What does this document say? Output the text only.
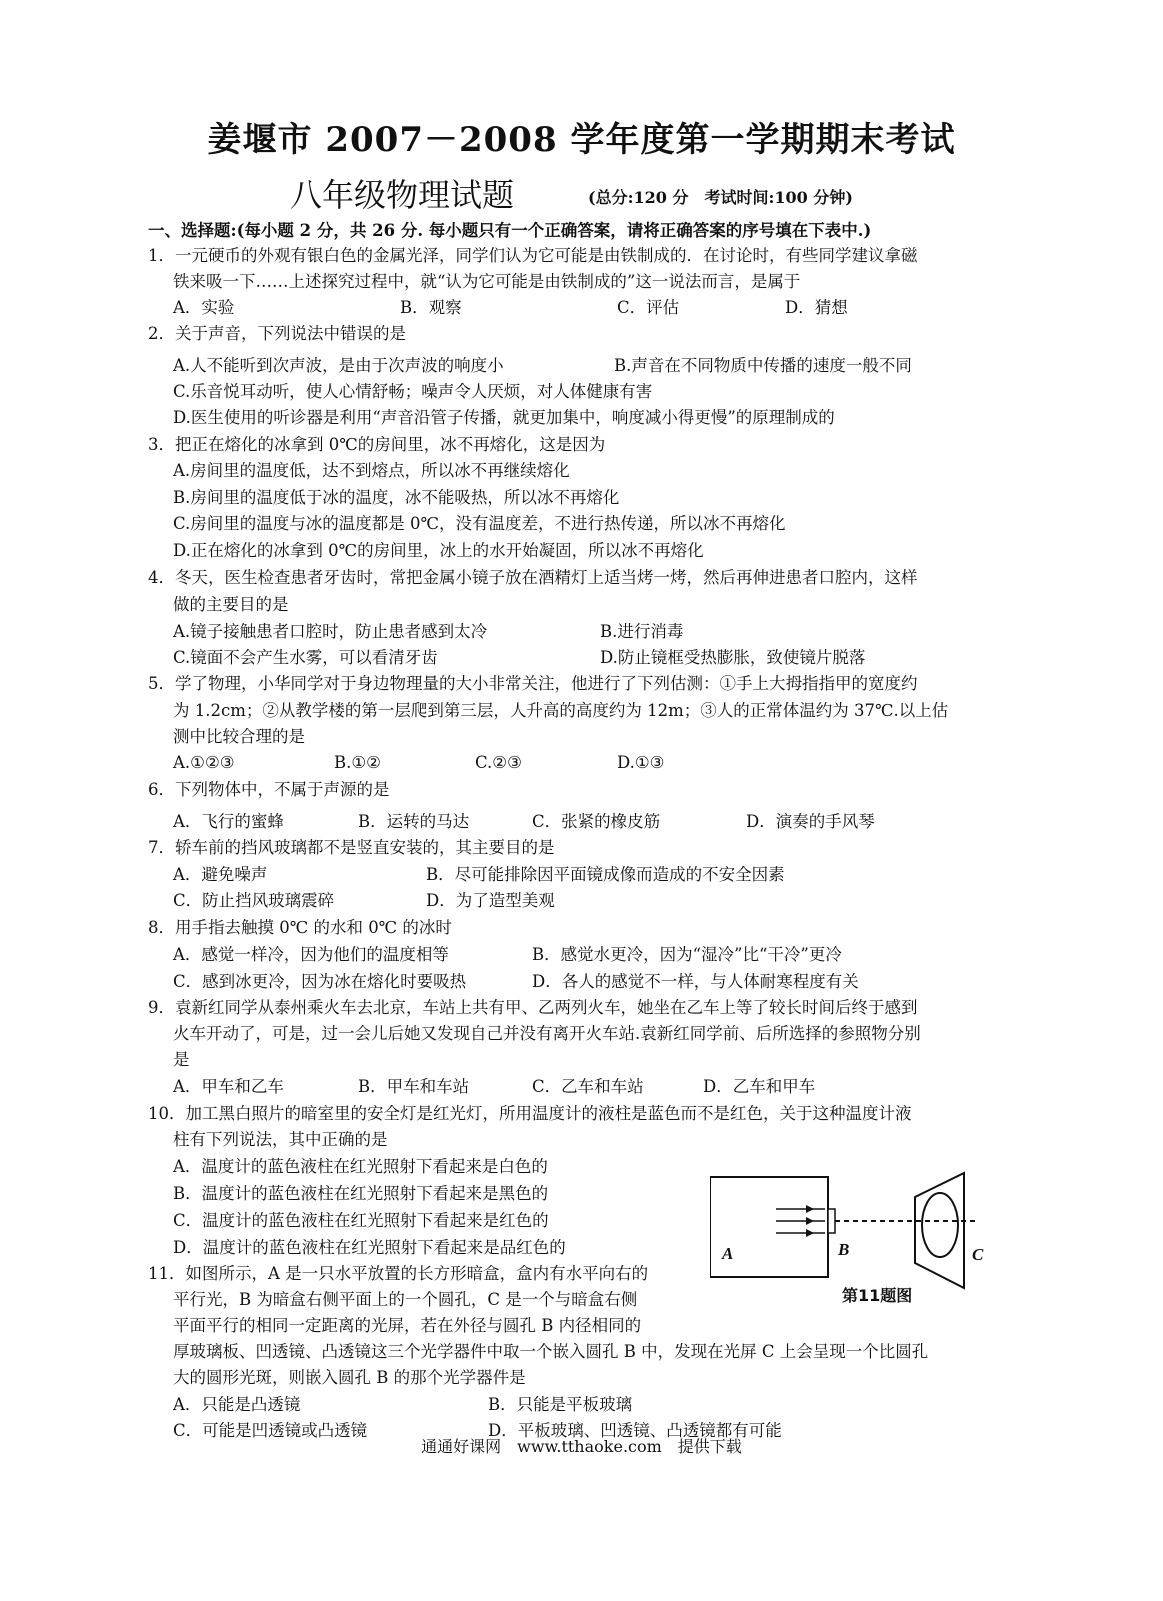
姜堰市 2007－2008 学年度第一学期期末考试
八年级物理试题	(总分:120 分　考试时间:100 分钟)
一、选择题:(每小题 2 分，共 26 分. 每小题只有一个正确答案，请将正确答案的序号填在下表中.)
1．一元硬币的外观有银白色的金属光泽，同学们认为它可能是由铁制成的．在讨论时，有些同学建议拿磁
铁来吸一下……上述探究过程中，就“认为它可能是由铁制成的”这一说法而言，是属于
A．实验	B．观察	C．评估	D．猜想
2．关于声音，下列说法中错误的是
A.人不能听到次声波，是由于次声波的响度小	B.声音在不同物质中传播的速度一般不同
C.乐音悦耳动听，使人心情舒畅；噪声令人厌烦，对人体健康有害
D.医生使用的听诊器是利用“声音沿管子传播，就更加集中，响度减小得更慢”的原理制成的
3．把正在熔化的冰拿到 0℃的房间里，冰不再熔化，这是因为
A.房间里的温度低，达不到熔点，所以冰不再继续熔化
B.房间里的温度低于冰的温度，冰不能吸热，所以冰不再熔化
C.房间里的温度与冰的温度都是 0℃，没有温度差，不进行热传递，所以冰不再熔化
D.正在熔化的冰拿到 0℃的房间里，冰上的水开始凝固，所以冰不再熔化
4．冬天，医生检查患者牙齿时，常把金属小镜子放在酒精灯上适当烤一烤，然后再伸进患者口腔内，这样
做的主要目的是
A.镜子接触患者口腔时，防止患者感到太冷	B.进行消毒
C.镜面不会产生水雾，可以看清牙齿	D.防止镜框受热膨胀，致使镜片脱落
5．学了物理，小华同学对于身边物理量的大小非常关注，他进行了下列估测：①手上大拇指指甲的宽度约
为 1.2cm；②从教学楼的第一层爬到第三层，人升高的高度约为 12m；③人的正常体温约为 37℃.以上估
测中比较合理的是
A.①②③	B.①②	C.②③	D.①③
6．下列物体中，不属于声源的是
A．飞行的蜜蜂	B．运转的马达	C．张紧的橡皮筋	D．演奏的手风琴
7．轿车前的挡风玻璃都不是竖直安装的，其主要目的是
A．避免噪声	B．尽可能排除因平面镜成像而造成的不安全因素
C．防止挡风玻璃震碎	D．为了造型美观
8．用手指去触摸 0℃ 的水和 0℃ 的冰时
A．感觉一样冷，因为他们的温度相等	B．感觉水更冷，因为“湿冷”比“干冷”更冷
C．感到冰更冷，因为冰在熔化时要吸热	D．各人的感觉不一样，与人体耐寒程度有关
9．袁新红同学从泰州乘火车去北京，车站上共有甲、乙两列火车，她坐在乙车上等了较长时间后终于感到
火车开动了，可是，过一会儿后她又发现自己并没有离开火车站.袁新红同学前、后所选择的参照物分别
是
A．甲车和乙车	B．甲车和车站	C．乙车和车站	D．乙车和甲车
10．加工黑白照片的暗室里的安全灯是红光灯，所用温度计的液柱是蓝色而不是红色，关于这种温度计液
柱有下列说法，其中正确的是
A．温度计的蓝色液柱在红光照射下看起来是白色的
B．温度计的蓝色液柱在红光照射下看起来是黑色的
C．温度计的蓝色液柱在红光照射下看起来是红色的
D．温度计的蓝色液柱在红光照射下看起来是品红色的	A	B	C
第11题图
11．如图所示，A 是一只水平放置的长方形暗盒，盒内有水平向右的
平行光，B 为暗盒右侧平面上的一个圆孔，C 是一个与暗盒右侧
平面平行的相同一定距离的光屏，若在外径与圆孔 B 内径相同的
厚玻璃板、凹透镜、凸透镜这三个光学器件中取一个嵌入圆孔 B 中，发现在光屏 C 上会呈现一个比圆孔
大的圆形光斑，则嵌入圆孔 B 的那个光学器件是
A．只能是凸透镜	B．只能是平板玻璃
C．可能是凹透镜或凸透镜	D．平板玻璃、凹透镜、凸透镜都有可能
通通好课网　www.tthaoke.com　提供下载
